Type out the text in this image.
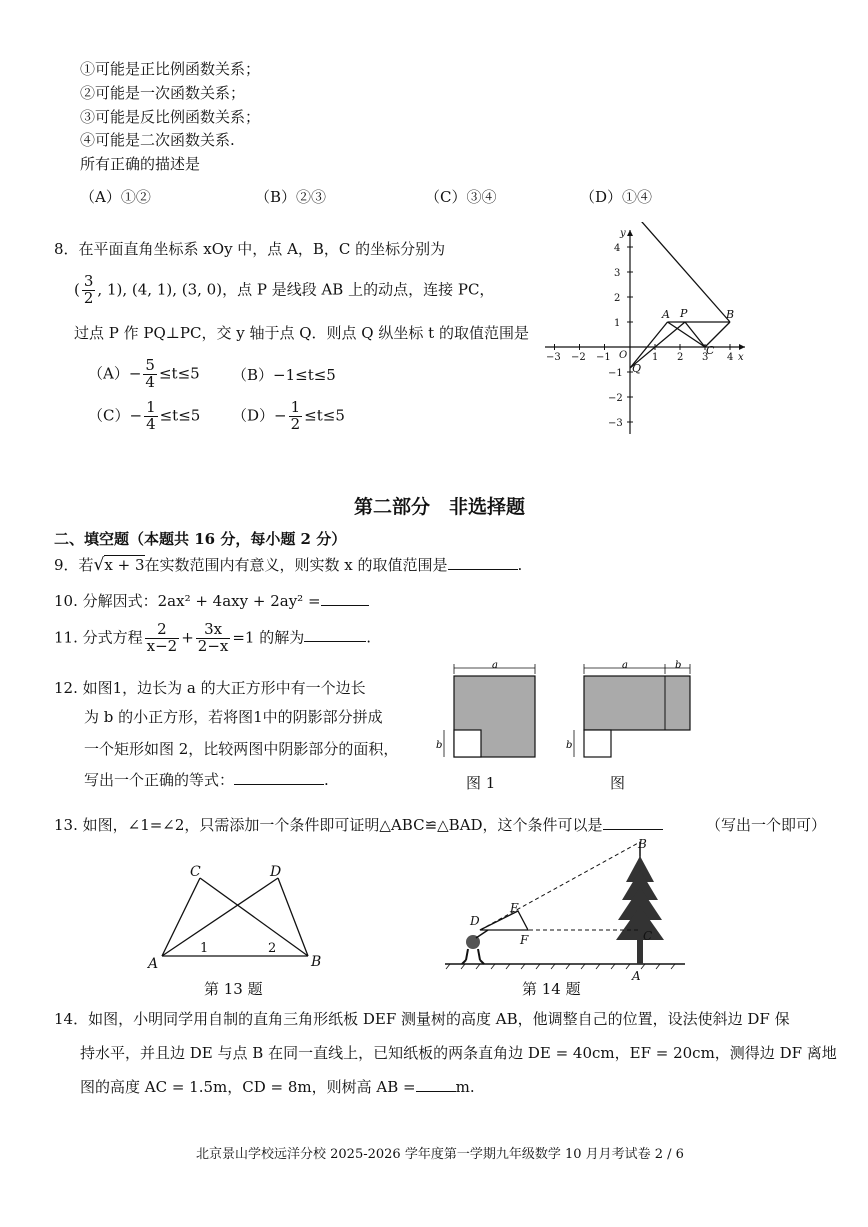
①可能是正比例函数关系；
②可能是一次函数关系；
③可能是反比例函数关系；
④可能是二次函数关系.
所有正确的描述是
（A）①②	（B）②③	（C）③④	（D）①④
8．在平面直角坐标系 xOy 中，点 A，B，C 的坐标分别为
( $\frac{3}{2}$ , 1), (4, 1), (3, 0)，点 P 是线段 AB 上的动点，连接 PC，
过点 P 作 PQ⊥PC，交 y 轴于点 Q．则点 Q 纵坐标 t 的取值范围是
$(A)- \frac{5}{4} \le t\le 5$ （B）−1≤t≤5
$(C)- \frac{1}{4} \le t\le 5$ $(D)- \frac{1}{2} \le t\le 5$
−3 −2 −1	1 2 3 4
4
3
2
1
−1
−2
−3
x
y
O
A P	B
C
Q
第二部分　非选择题
二、填空题（本题共 16 分，每小题 2 分）
9．若√x + 3在实数范围内有意义，则实数 x 的取值范围是	.
10. 分解因式：2ax² + 4axy + 2ay² =
11. 分式方程 $\frac{2}{x-2} + \frac{3x}{2-x} =1$ 的解为	.
12. 如图1，边长为 a 的大正方形中有一个边长
为 b 的小正方形，若将图1中的阴影部分拼成
一个矩形如图 2，比较两图中阴影部分的面积，
写出一个正确的等式：	.
a
b
图 1
a	b
b
图
13. 如图，∠1=∠2，只需添加一个条件即可证明△ABC≌△BAD，这个条件可以是	（写出一个即可）
A	B
C	D
1	2
第 13 题
D
E
F	C
A
B
第 14 题
14．如图，小明同学用自制的直角三角形纸板 DEF 测量树的高度 AB，他调整自己的位置，设法使斜边 DF 保
持水平，并且边 DE 与点 B 在同一直线上，已知纸板的两条直角边 DE = 40cm，EF = 20cm，测得边 DF 离地
图的高度 AC = 1.5m，CD = 8m，则树高 AB =	m.
北京景山学校远洋分校 2025-2026 学年度第一学期九年级数学 10 月月考试卷 2 / 6
